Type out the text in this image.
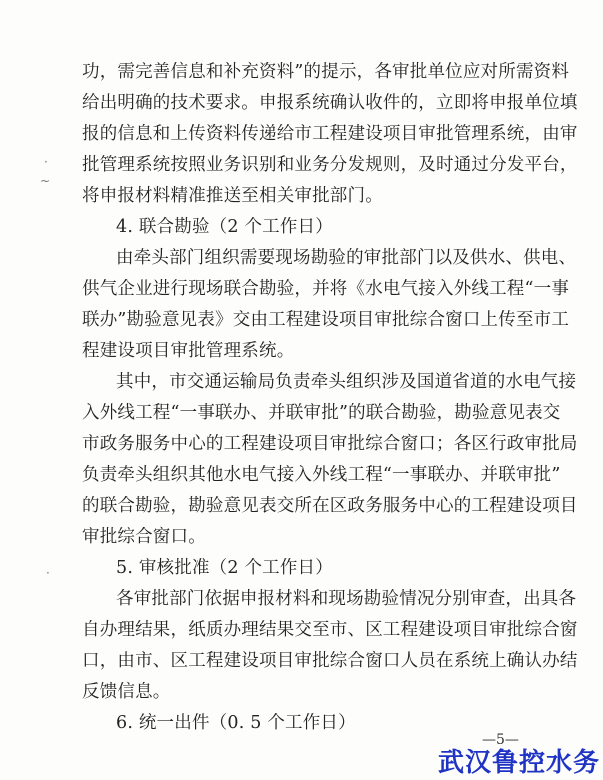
·
~
·
功，需完善信息和补充资料”的提示，各审批单位应对所需资料
给出明确的技术要求。申报系统确认收件的，立即将申报单位填
报的信息和上传资料传递给市工程建设项目审批管理系统，由审
批管理系统按照业务识别和业务分发规则，及时通过分发平台，
将申报材料精准推送至相关审批部门。
4. 联合勘验（2 个工作日）
由牵头部门组织需要现场勘验的审批部门以及供水、供电、
供气企业进行现场联合勘验，并将《水电气接入外线工程“一事
联办”勘验意见表》交由工程建设项目审批综合窗口上传至市工
程建设项目审批管理系统。
其中，市交通运输局负责牵头组织涉及国道省道的水电气接
入外线工程“一事联办、并联审批”的联合勘验，勘验意见表交
市政务服务中心的工程建设项目审批综合窗口；各区行政审批局
负责牵头组织其他水电气接入外线工程“一事联办、并联审批”
的联合勘验，勘验意见表交所在区政务服务中心的工程建设项目
审批综合窗口。
5. 审核批准（2 个工作日）
各审批部门依据申报材料和现场勘验情况分别审查，出具各
自办理结果，纸质办理结果交至市、区工程建设项目审批综合窗
口，由市、区工程建设项目审批综合窗口人员在系统上确认办结
反馈信息。
6. 统一出件（0. 5 个工作日）
—5—
武汉鲁控水务
